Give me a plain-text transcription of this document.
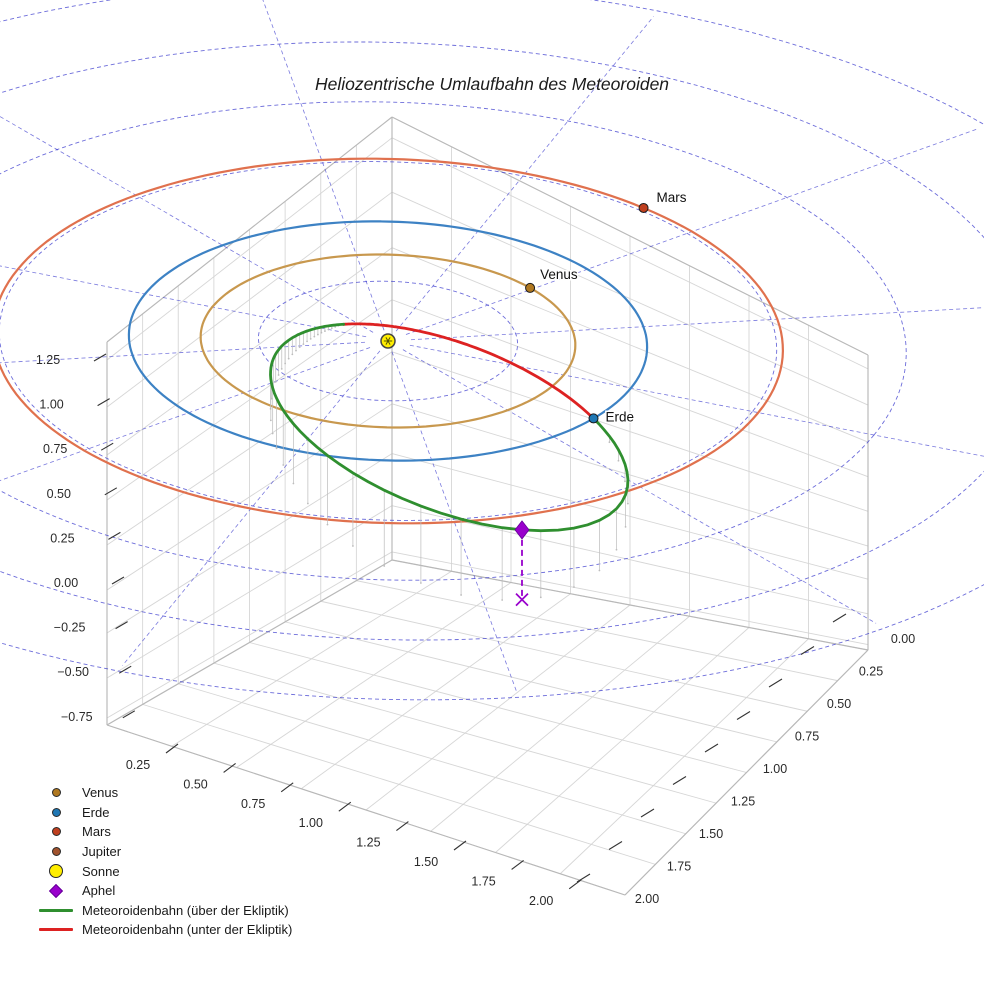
Venus
Erde
Mars
0.25
0.50
0.75
1.00
1.25
1.50
1.75
2.00
0.00
0.25
0.50
0.75
1.00
1.25
1.50
1.75
2.00
1.25
1.00
0.75
0.50
0.25
0.00
−0.25
−0.50
−0.75
Heliozentrische Umlaufbahn des Meteoroiden
Venus
Erde
Mars
Jupiter
Sonne
Aphel
Meteoroidenbahn (über der Ekliptik)
Meteoroidenbahn (unter der Ekliptik)
